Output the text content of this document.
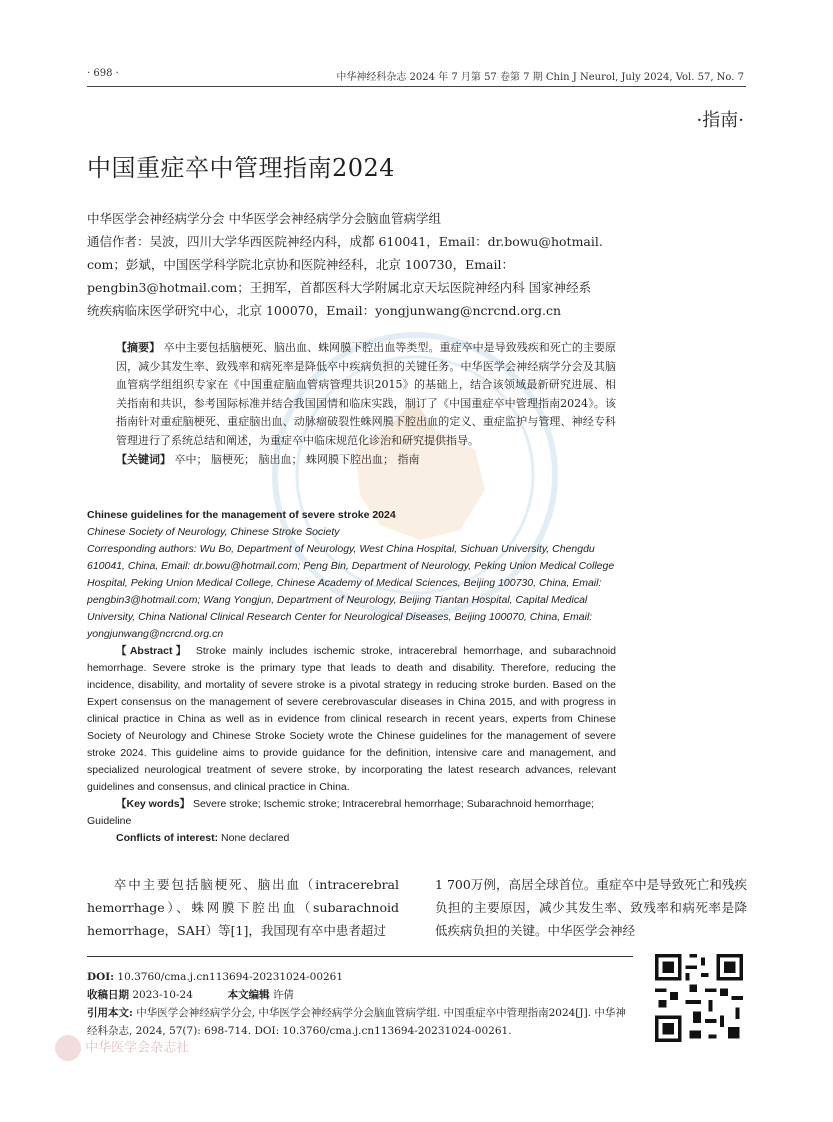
· 698 ·	中华神经科杂志 2024 年 7 月第 57 卷第 7 期 Chin J Neurol, July 2024, Vol. 57, No. 7
·指南·
中国重症卒中管理指南2024
中华医学会神经病学分会 中华医学会神经病学分会脑血管病学组
通信作者：吴波，四川大学华西医院神经内科，成都 610041，Email：dr.bowu@hotmail.
com；彭斌，中国医学科学院北京协和医院神经科，北京 100730，Email：
pengbin3@hotmail.com；王拥军，首都医科大学附属北京天坛医院神经内科 国家神经系
统疾病临床医学研究中心，北京 100070，Email：yongjunwang@ncrcnd.org.cn
【摘要】 卒中主要包括脑梗死、脑出血、蛛网膜下腔出血等类型。重症卒中是导致残疾和死亡的主要原因，减少其发生率、致残率和病死率是降低卒中疾病负担的关键任务。中华医学会神经病学分会及其脑血管病学组组织专家在《中国重症脑血管病管理共识2015》的基础上，结合该领域最新研究进展、相关指南和共识，参考国际标准并结合我国国情和临床实践，制订了《中国重症卒中管理指南2024》。该指南针对重症脑梗死、重症脑出血、动脉瘤破裂性蛛网膜下腔出血的定义、重症监护与管理、神经专科管理进行了系统总结和阐述，为重症卒中临床规范化诊治和研究提供指导。
【关键词】 卒中； 脑梗死； 脑出血； 蛛网膜下腔出血； 指南
Chinese guidelines for the management of severe stroke 2024
Chinese Society of Neurology, Chinese Stroke Society
Corresponding authors: Wu Bo, Department of Neurology, West China Hospital, Sichuan University, Chengdu 610041, China, Email: dr.bowu@hotmail.com; Peng Bin, Department of Neurology, Peking Union Medical College Hospital, Peking Union Medical College, Chinese Academy of Medical Sciences, Beijing 100730, China, Email: pengbin3@hotmail.com; Wang Yongjun, Department of Neurology, Beijing Tiantan Hospital, Capital Medical University, China National Clinical Research Center for Neurological Diseases, Beijing 100070, China, Email: yongjunwang@ncrcnd.org.cn
【Abstract】 Stroke mainly includes ischemic stroke, intracerebral hemorrhage, and subarachnoid hemorrhage. Severe stroke is the primary type that leads to death and disability. Therefore, reducing the incidence, disability, and mortality of severe stroke is a pivotal strategy in reducing stroke burden. Based on the Expert consensus on the management of severe cerebrovascular diseases in China 2015, and with progress in clinical practice in China as well as in evidence from clinical research in recent years, experts from Chinese Society of Neurology and Chinese Stroke Society wrote the Chinese guidelines for the management of severe stroke 2024. This guideline aims to provide guidance for the definition, intensive care and management, and specialized neurological treatment of severe stroke, by incorporating the latest research advances, relevant guidelines and consensus, and clinical practice in China.
【Key words】 Severe stroke; Ischemic stroke; Intracerebral hemorrhage; Subarachnoid hemorrhage; Guideline
Conflicts of interest: None declared
卒中主要包括脑梗死、脑出血（intracerebral hemorrhage）、蛛网膜下腔出血（subarachnoid hemorrhage，SAH）等[1]，我国现有卒中患者超过
1 700万例，高居全球首位。重症卒中是导致死亡和残疾负担的主要原因，减少其发生率、致残率和病死率是降低疾病负担的关键。中华医学会神经
DOI: 10.3760/cma.j.cn113694-20231024-00261
收稿日期 2023-10-24	本文编辑 许倩
引用本文: 中华医学会神经病学分会, 中华医学会神经病学分会脑血管病学组. 中国重症卒中管理指南2024[J]. 中华神经科杂志, 2024, 57(7): 698-714. DOI: 10.3760/cma.j.cn113694-20231024-00261.
中华医学会杂志社
